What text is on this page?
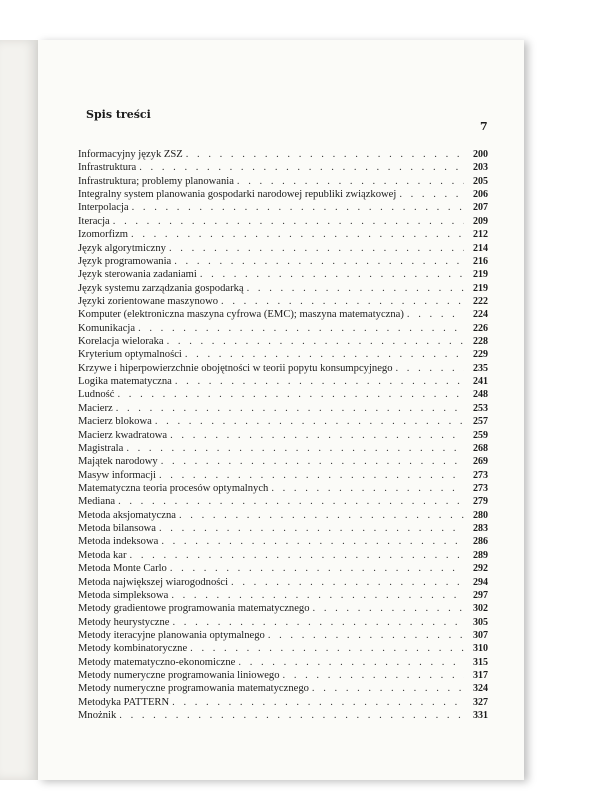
Spis treści
7
Informacyjny język ZSZ . . .	200
Infrastruktura . . .	203
Infrastruktura; problemy planowania . . .	205
Integralny system planowania gospodarki narodowej republiki związkowej . . .	206
Interpolacja . . .	207
Iteracja . . .	209
Izomorfizm . . .	212
Język algorytmiczny . . .	214
Język programowania . . .	216
Język sterowania zadaniami . . .	219
Język systemu zarządzania gospodarką . . .	219
Języki zorientowane maszynowo . . .	222
Komputer (elektroniczna maszyna cyfrowa (EMC); maszyna matematyczna) . . .	224
Komunikacja . . .	226
Korelacja wieloraka . . .	228
Kryterium optymalności . . .	229
Krzywe i hiperpowierzchnie obojętności w teorii popytu konsumpcyjnego . . .	235
Logika matematyczna . . .	241
Ludność . . .	248
Macierz . . .	253
Macierz blokowa . . .	257
Macierz kwadratowa . . .	259
Magistrala . . .	268
Majątek narodowy . . .	269
Masyw informacji . . .	273
Matematyczna teoria procesów optymalnych . . .	273
Mediana . . .	279
Metoda aksjomatyczna . . .	280
Metoda bilansowa . . .	283
Metoda indeksowa . . .	286
Metoda kar . . .	289
Metoda Monte Carlo . . .	292
Metoda największej wiarogodności . . .	294
Metoda simpleksowa . . .	297
Metody gradientowe programowania matematycznego . . .	302
Metody heurystyczne . . .	305
Metody iteracyjne planowania optymalnego . . .	307
Metody kombinatoryczne . . .	310
Metody matematyczno-ekonomiczne . . .	315
Metody numeryczne programowania liniowego . . .	317
Metody numeryczne programowania matematycznego . . .	324
Metodyka PATTERN . . .	327
Mnożnik . . .	331
